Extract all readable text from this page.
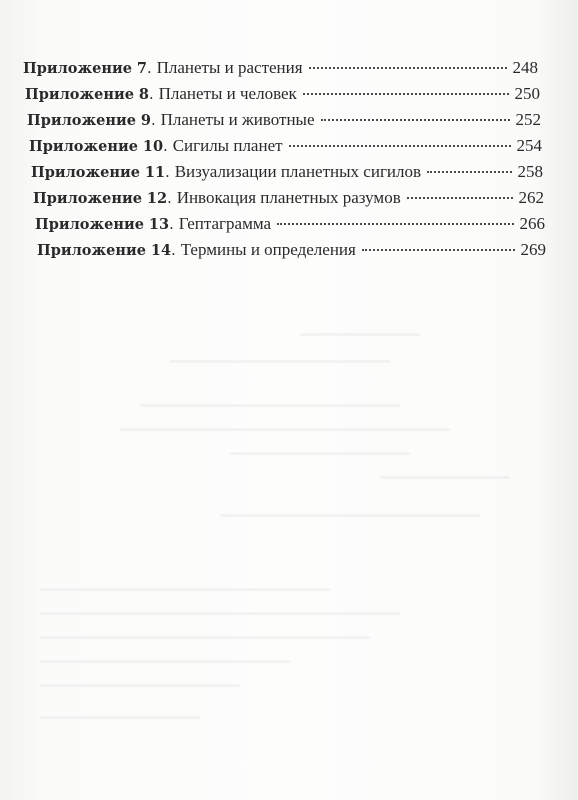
Приложение
7 . Планеты и растения	248
Приложение
8 . Планеты и человек	250
Приложение
9 . Планеты и животные	252
Приложение
10 . Сигилы планет	254
Приложение
11 . Визуализации планетных сигилов	258
Приложение
12 . Инвокация планетных разумов	262
Приложение
13 . Гептаграмма	266
Приложение
14 . Термины и определения	269
